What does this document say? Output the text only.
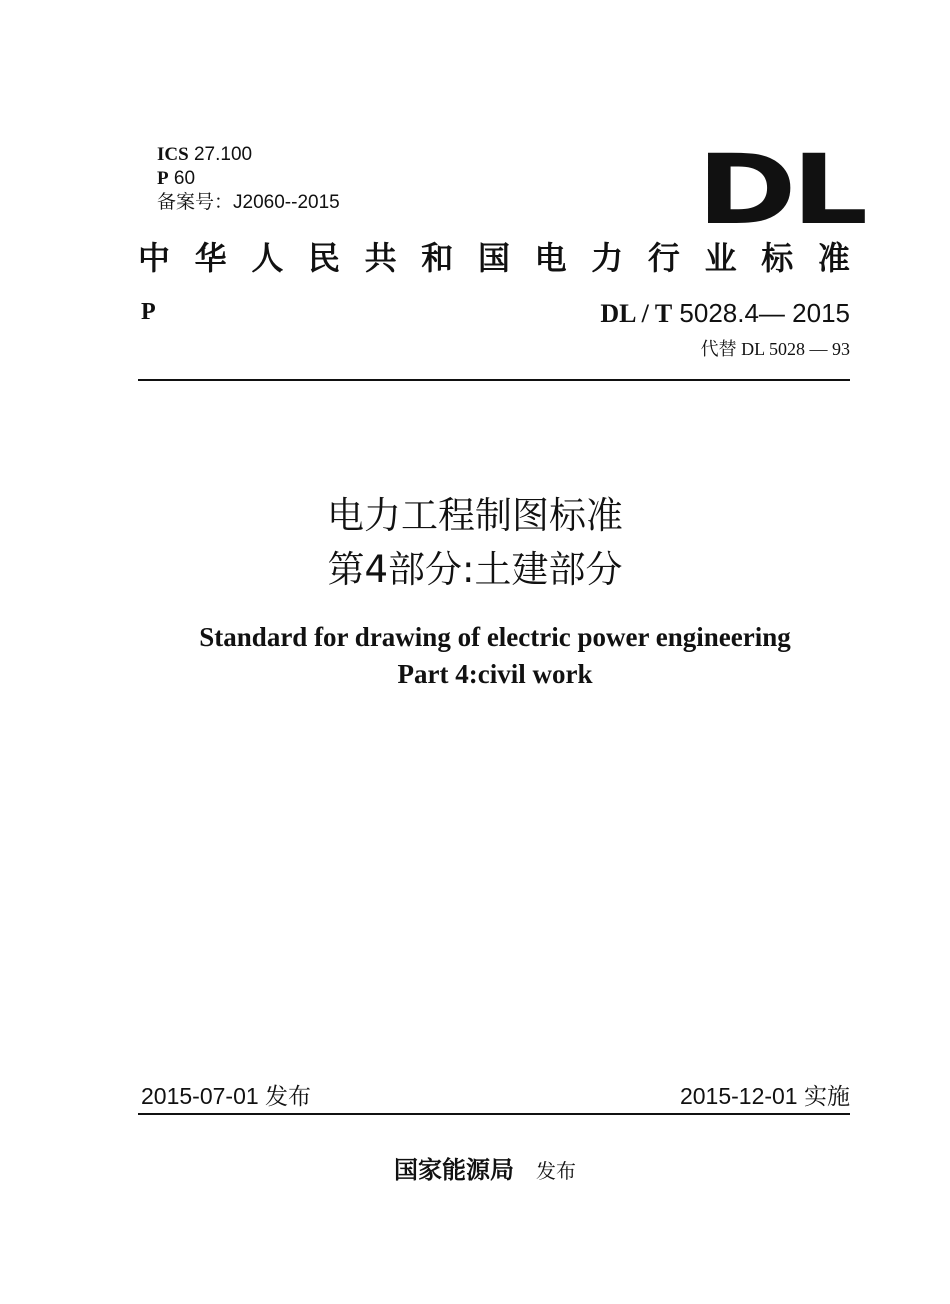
ICS 27.100
P 60
备案号：J2060--2015	DL
中 华 人 民 共 和 国 电 力 行 业 标 准
P	DL / T 5028.4— 2015
代替 DL 5028 — 93
电力工程制图标准
第4部分:土建部分
Standard for drawing of electric power engineering
Part 4:civil work
2015-07-01 发布	2015-12-01 实施
国家能源局 发布
